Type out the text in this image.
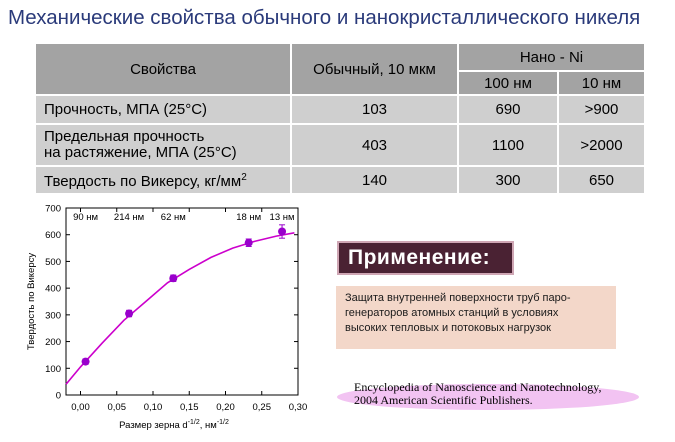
Механические свойства обычного и нанокристаллического никеля
Свойства	Обычный, 10 мкм	Нано - Ni	
		100 нм	10 нм
Прочность, МПА (25°C)	103	690	>900

Предельная прочность
на растяжение, МПА (25°C)	403	1100	>2000
Твердость по Викерсу, $кг/мм^2$	140	300	650
0
100
200
300
400
500
600
700
0,00 0,05 0,10 0,15 0,20 0,25 0,30
90 нм 214 нм 62 нм	18 нм 13 нм
Твердость по Викерсу
Размер зерна $d^{-1/2}$, $нм^{-1/2}$
Применение:
Защита внутренней поверхности труб паро-
генераторов атомных станций в условиях
высоких тепловых и потоковых нагрузок
Encyclopedia of Nanoscience and Nanotechnology,
2004 American Scientific Publishers.
